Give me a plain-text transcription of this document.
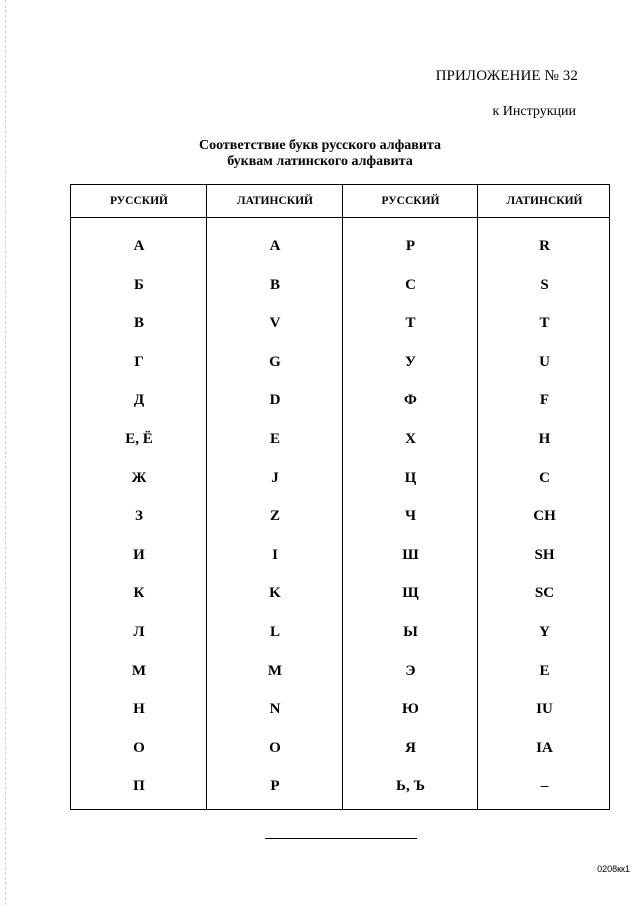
ПРИЛОЖЕНИЕ № 32
к Инструкции
Соответствие букв русского алфавита
буквам латинского алфавита
РУССКИЙ	ЛАТИНСКИЙ	РУССКИЙ	ЛАТИНСКИЙ
А	A	Р	R
Б	B	С	S
В	V	Т	T
Г	G	У	U
Д	D	Ф	F
Е, Ё	E	Х	H
Ж	J	Ц	C
З	Z	Ч	CH
И	I	Ш	SH
К	K	Щ	SC
Л	L	Ы	Y
М	M	Э	E
Н	N	Ю	IU
О	O	Я	IA
П	P	Ь, Ъ	–
0208кк1
